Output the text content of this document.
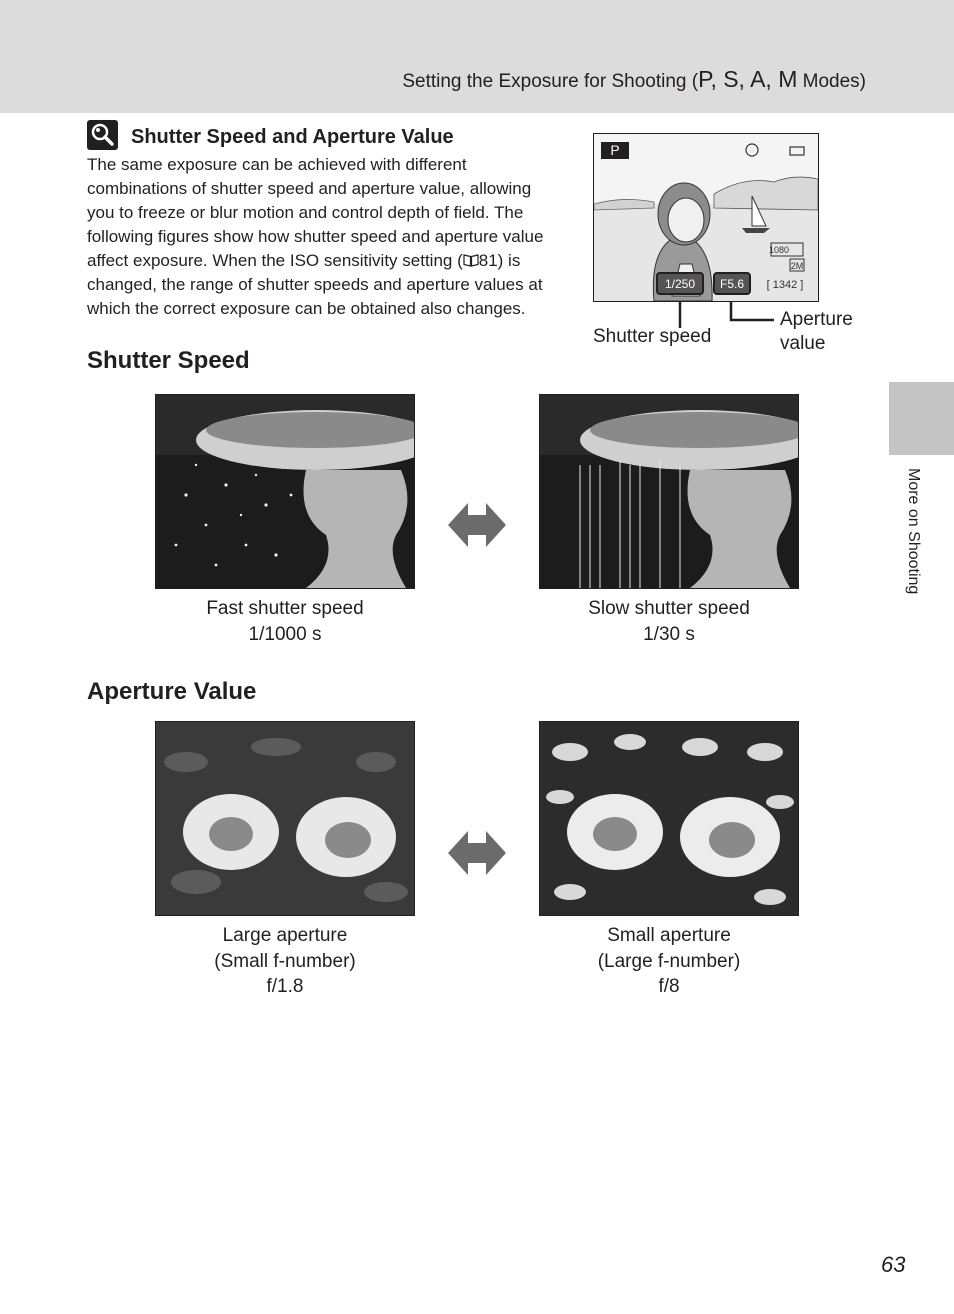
Setting the Exposure for Shooting (P, S, A, M Modes)
More on Shooting
Shutter Speed and Aperture Value
The same exposure can be achieved with different
combinations of shutter speed and aperture value, allowing
you to freeze or blur motion and control depth of field. The
following figures show how shutter speed and aperture value
affect exposure. When the ISO sensitivity setting ( 81) is
changed, the range of shutter speeds and aperture values at
which the correct exposure can be obtained also changes.
P
1080
2M
1/250 F5.6 [ 1342 ]
Shutter speed
Aperture value
Shutter Speed
Fast shutter speed
1/1000 s
Slow shutter speed
1/30 s
Aperture Value
Large aperture
(Small f-number)
f/1.8
Small aperture
(Large f-number)
f/8
63
